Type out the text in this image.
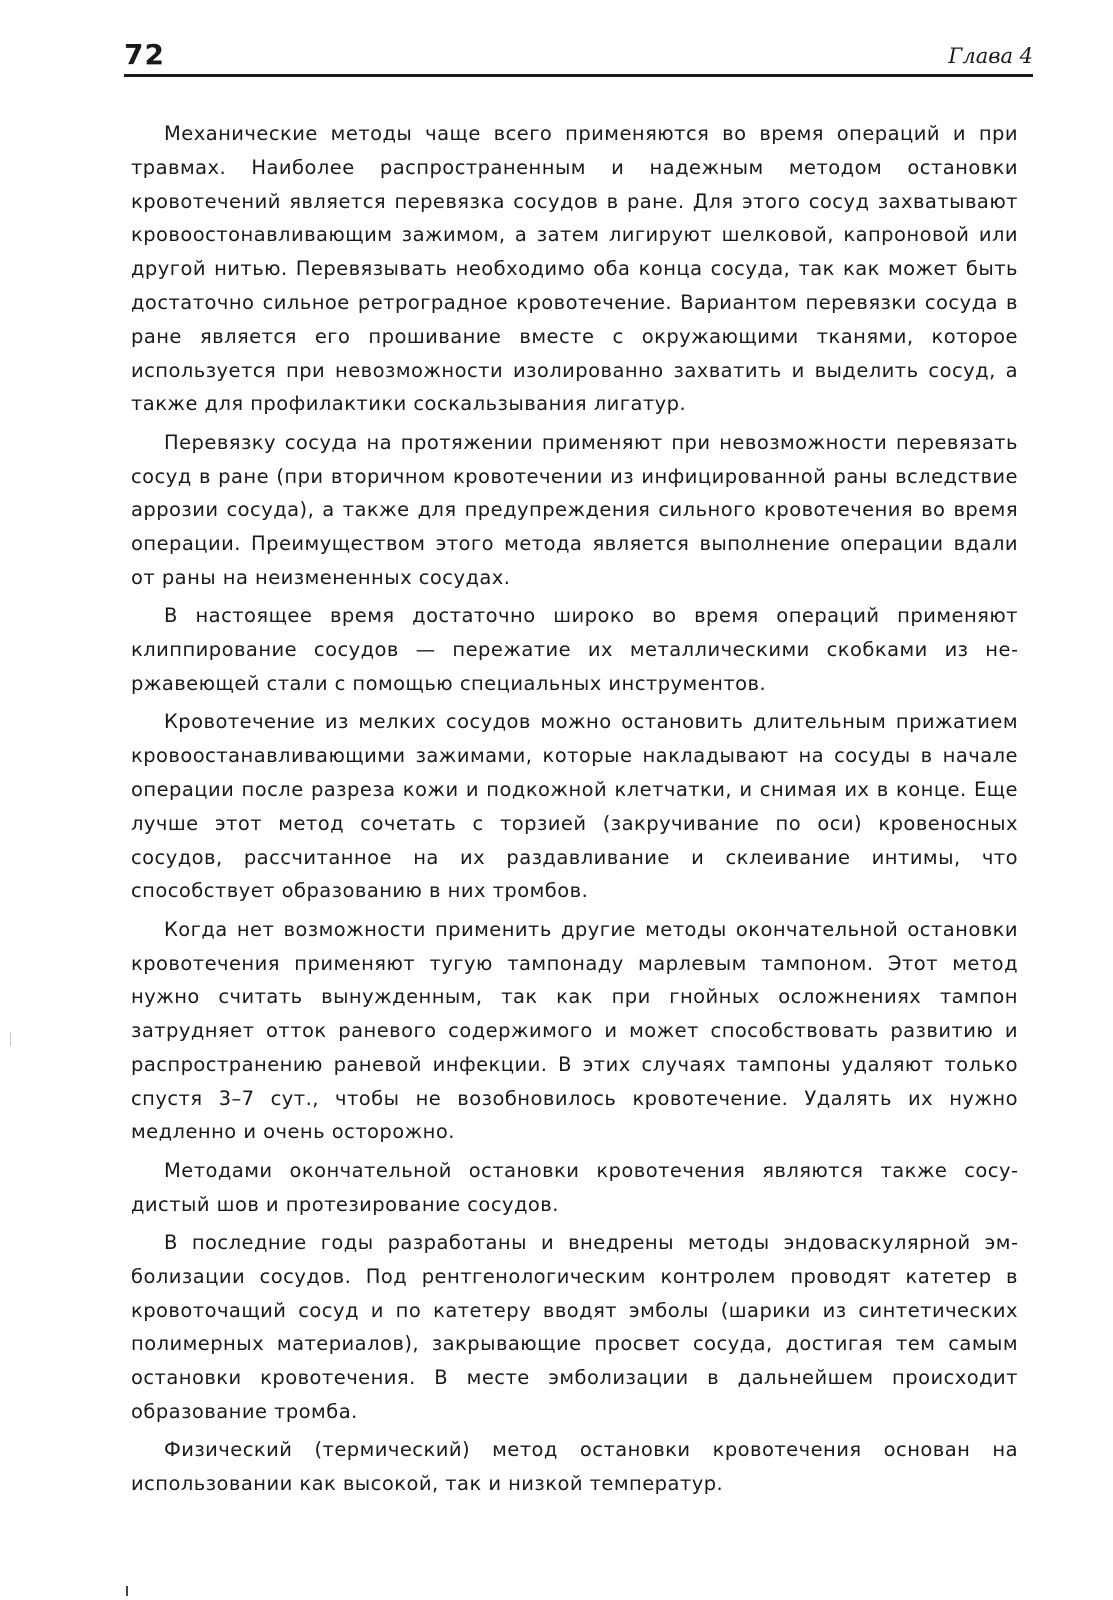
72	Глава 4

Механические методы чаще всего применяются во время операций и при травмах. Наиболее распространенным и надежным методом остановки кровотечений является перевязка сосудов в ране. Для этого сосуд захватывают кровоостонавливающим зажимом, а затем лигируют шелковой, капроновой или другой нитью. Перевязывать необходимо оба конца сосуда, так как может быть достаточно сильное ретроградное кровотечение. Вариантом перевязки сосуда в ране является его прошивание вместе с окружающими тканями, которое используется при невозможности изолированно захватить и выделить сосуд, а также для профилактики соскальзывания лигатур.

Перевязку сосуда на протяжении применяют при невозможности перевязать сосуд в ране (при вторичном кровотечении из инфицированной раны вследствие аррозии сосуда), а также для предупреждения сильного кровотечения во время операции. Преимуществом этого метода является выполнение операции вдали от раны на неизмененных сосудах.

В настоящее время достаточно широко во время операций применяют клиппирование сосудов — пережатие их металлическими скобками из нержавеющей стали с помощью специальных инструментов.

Кровотечение из мелких сосудов можно остановить длительным прижатием кровоостанавливающими зажимами, которые накладывают на сосуды в начале операции после разреза кожи и подкожной клетчатки, и снимая их в конце. Еще лучше этот метод сочетать с торзией (закручивание по оси) кровеносных сосудов, рассчитанное на их раздавливание и склеивание интимы, что способствует образованию в них тромбов.

Когда нет возможности применить другие методы окончательной остановки кровотечения применяют тугую тампонаду марлевым тампоном. Этот метод нужно считать вынужденным, так как при гнойных осложнениях тампон затрудняет отток раневого содержимого и может способствовать развитию и распространению раневой инфекции. В этих случаях тампоны удаляют только спустя 3–7 сут., чтобы не возобновилось кровотечение. Удалять их нужно медленно и очень осторожно.

Методами окончательной остановки кровотечения являются также сосудистый шов и протезирование сосудов.

В последние годы разработаны и внедрены методы эндоваскулярной эмболизации сосудов. Под рентгенологическим контролем проводят катетер в кровоточащий сосуд и по катетеру вводят эмболы (шарики из синтетических полимерных материалов), закрывающие просвет сосуда, достигая тем самым остановки кровотечения. В месте эмболизации в дальнейшем происходит образование тромба.

Физический (термический) метод остановки кровотечения основан на использовании как высокой, так и низкой температур.
